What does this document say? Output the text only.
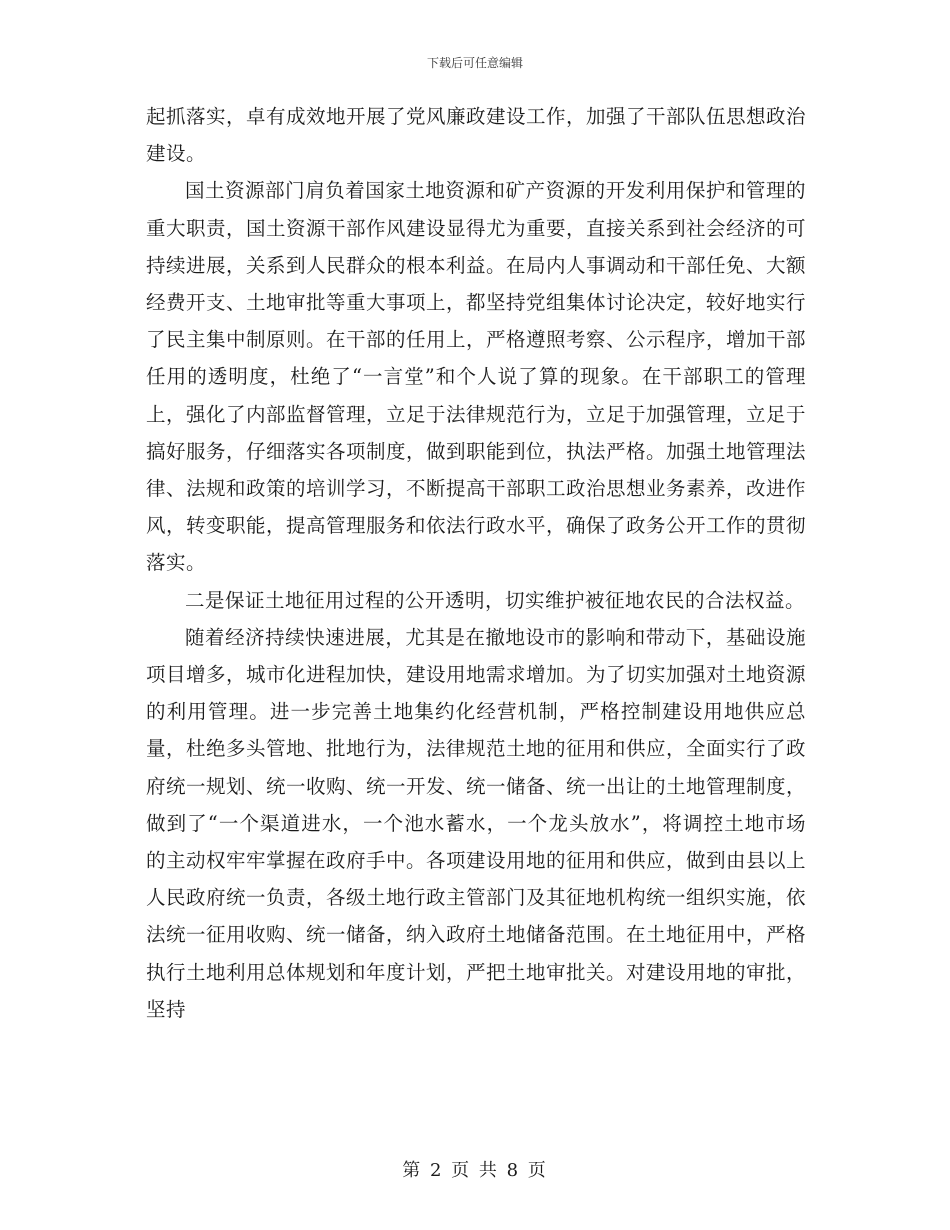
下载后可任意编辑

起抓落实，卓有成效地开展了党风廉政建设工作，加强了干部队伍思想政治建设。

国土资源部门肩负着国家土地资源和矿产资源的开发利用保护和管理的重大职责，国土资源干部作风建设显得尤为重要，直接关系到社会经济的可持续进展，关系到人民群众的根本利益。在局内人事调动和干部任免、大额经费开支、土地审批等重大事项上，都坚持党组集体讨论决定，较好地实行了民主集中制原则。在干部的任用上，严格遵照考察、公示程序，增加干部任用的透明度，杜绝了“一言堂”和个人说了算的现象。在干部职工的管理上，强化了内部监督管理，立足于法律规范行为，立足于加强管理，立足于搞好服务，仔细落实各项制度，做到职能到位，执法严格。加强土地管理法律、法规和政策的培训学习，不断提高干部职工政治思想业务素养，改进作风，转变职能，提高管理服务和依法行政水平，确保了政务公开工作的贯彻落实。

二是保证土地征用过程的公开透明，切实维护被征地农民的合法权益。

随着经济持续快速进展，尤其是在撤地设市的影响和带动下，基础设施项目增多，城市化进程加快，建设用地需求增加。为了切实加强对土地资源的利用管理。进一步完善土地集约化经营机制，严格控制建设用地供应总量，杜绝多头管地、批地行为，法律规范土地的征用和供应，全面实行了政府统一规划、统一收购、统一开发、统一储备、统一出让的土地管理制度，做到了“一个渠道进水，一个池水蓄水，一个龙头放水”，将调控土地市场的主动权牢牢掌握在政府手中。各项建设用地的征用和供应，做到由县以上人民政府统一负责，各级土地行政主管部门及其征地机构统一组织实施，依法统一征用收购、统一储备，纳入政府土地储备范围。在土地征用中，严格执行土地利用总体规划和年度计划，严把土地审批关。对建设用地的审批，坚持

第 2 页 共 8 页
